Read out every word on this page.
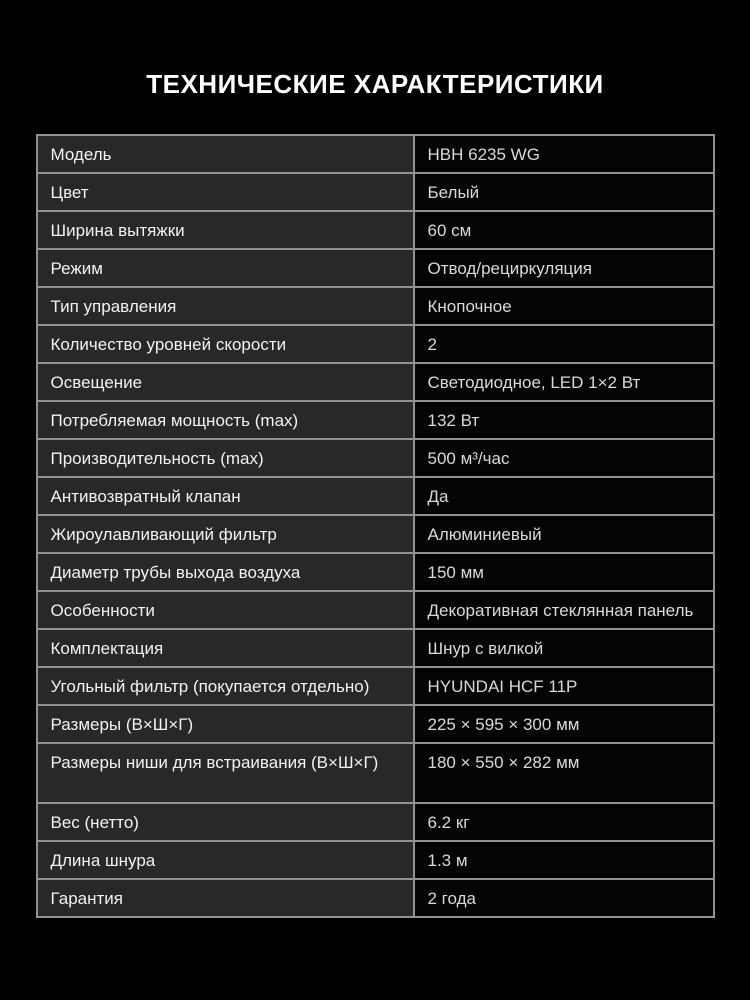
ТЕХНИЧЕСКИЕ ХАРАКТЕРИСТИКИ
Модель	HBH 6235 WG
Цвет	Белый
Ширина вытяжки	60 см
Режим	Отвод/рециркуляция
Тип управления	Кнопочное
Количество уровней скорости	2
Освещение	Светодиодное, LED 1×2 Вт
Потребляемая мощность (max)	132 Вт
Производительность (max)	500 м³/час
Антивозвратный клапан	Да
Жироулавливающий фильтр	Алюминиевый
Диаметр трубы выхода воздуха	150 мм
Особенности	Декоративная стеклянная панель
Комплектация	Шнур с вилкой
Угольный фильтр (покупается отдельно)	HYUNDAI HCF 11P
Размеры (В×Ш×Г)	225 × 595 × 300 мм
Размеры ниши для встраивания (В×Ш×Г)	180 × 550 × 282 мм
Вес (нетто)	6.2 кг
Длина шнура	1.3 м
Гарантия	2 года
